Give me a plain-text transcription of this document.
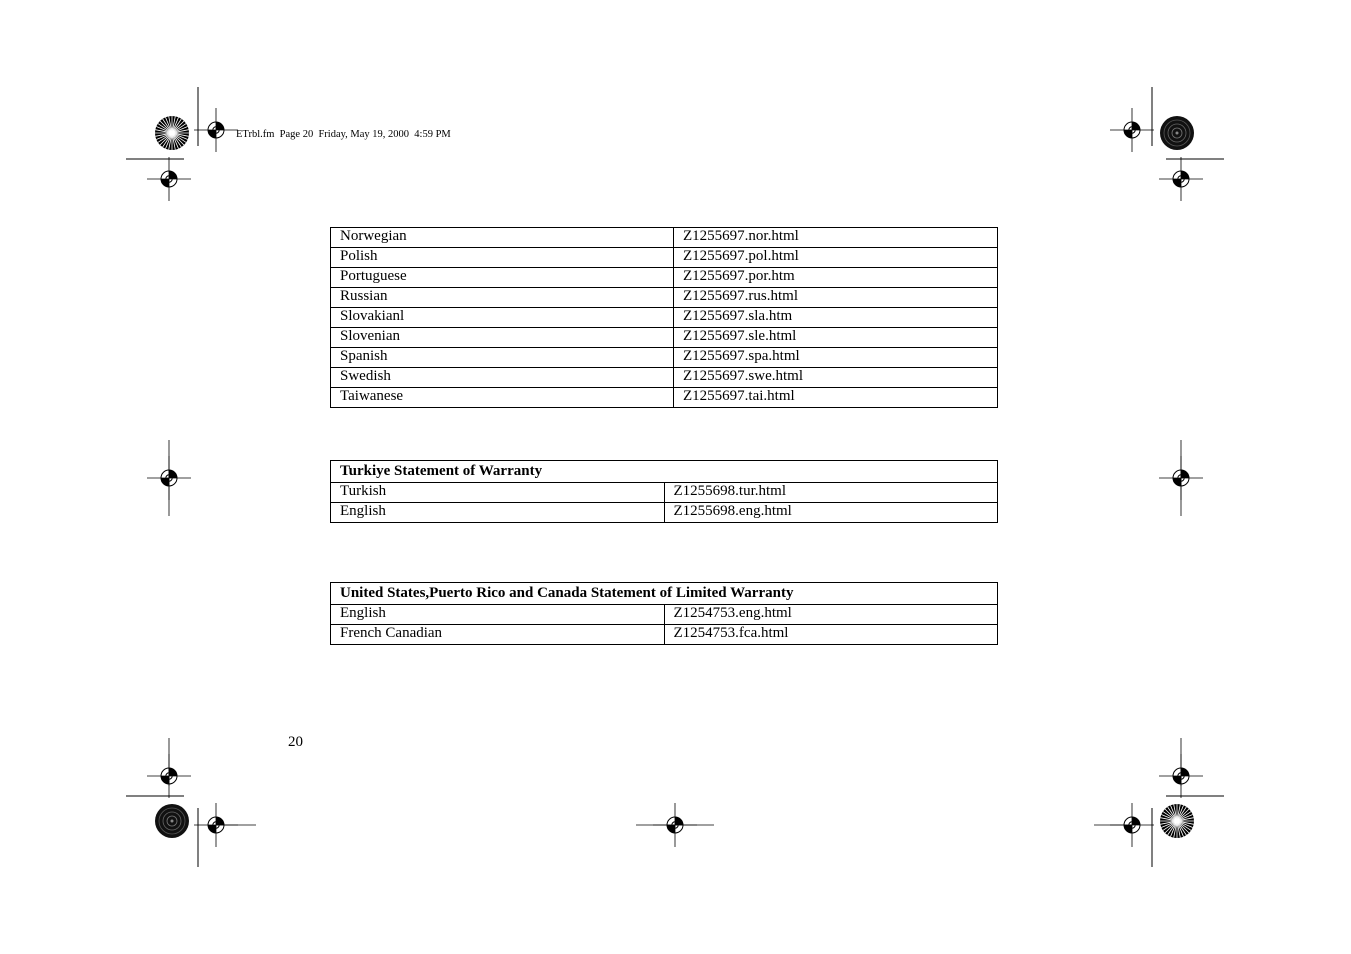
ETrbl.fm  Page 20  Friday, May 19, 2000  4:59 PM
Norwegian	Z1255697.nor.html
Polish	Z1255697.pol.html
Portuguese	Z1255697.por.htm
Russian	Z1255697.rus.html
Slovakianl	Z1255697.sla.htm
Slovenian	Z1255697.sle.html
Spanish	Z1255697.spa.html
Swedish	Z1255697.swe.html
Taiwanese	Z1255697.tai.html
Turkiye Statement of Warranty	
Turkish	Z1255698.tur.html
English	Z1255698.eng.html
United States,Puerto Rico and Canada Statement of Limited Warranty	
English	Z1254753.eng.html
French Canadian	Z1254753.fca.html
20
